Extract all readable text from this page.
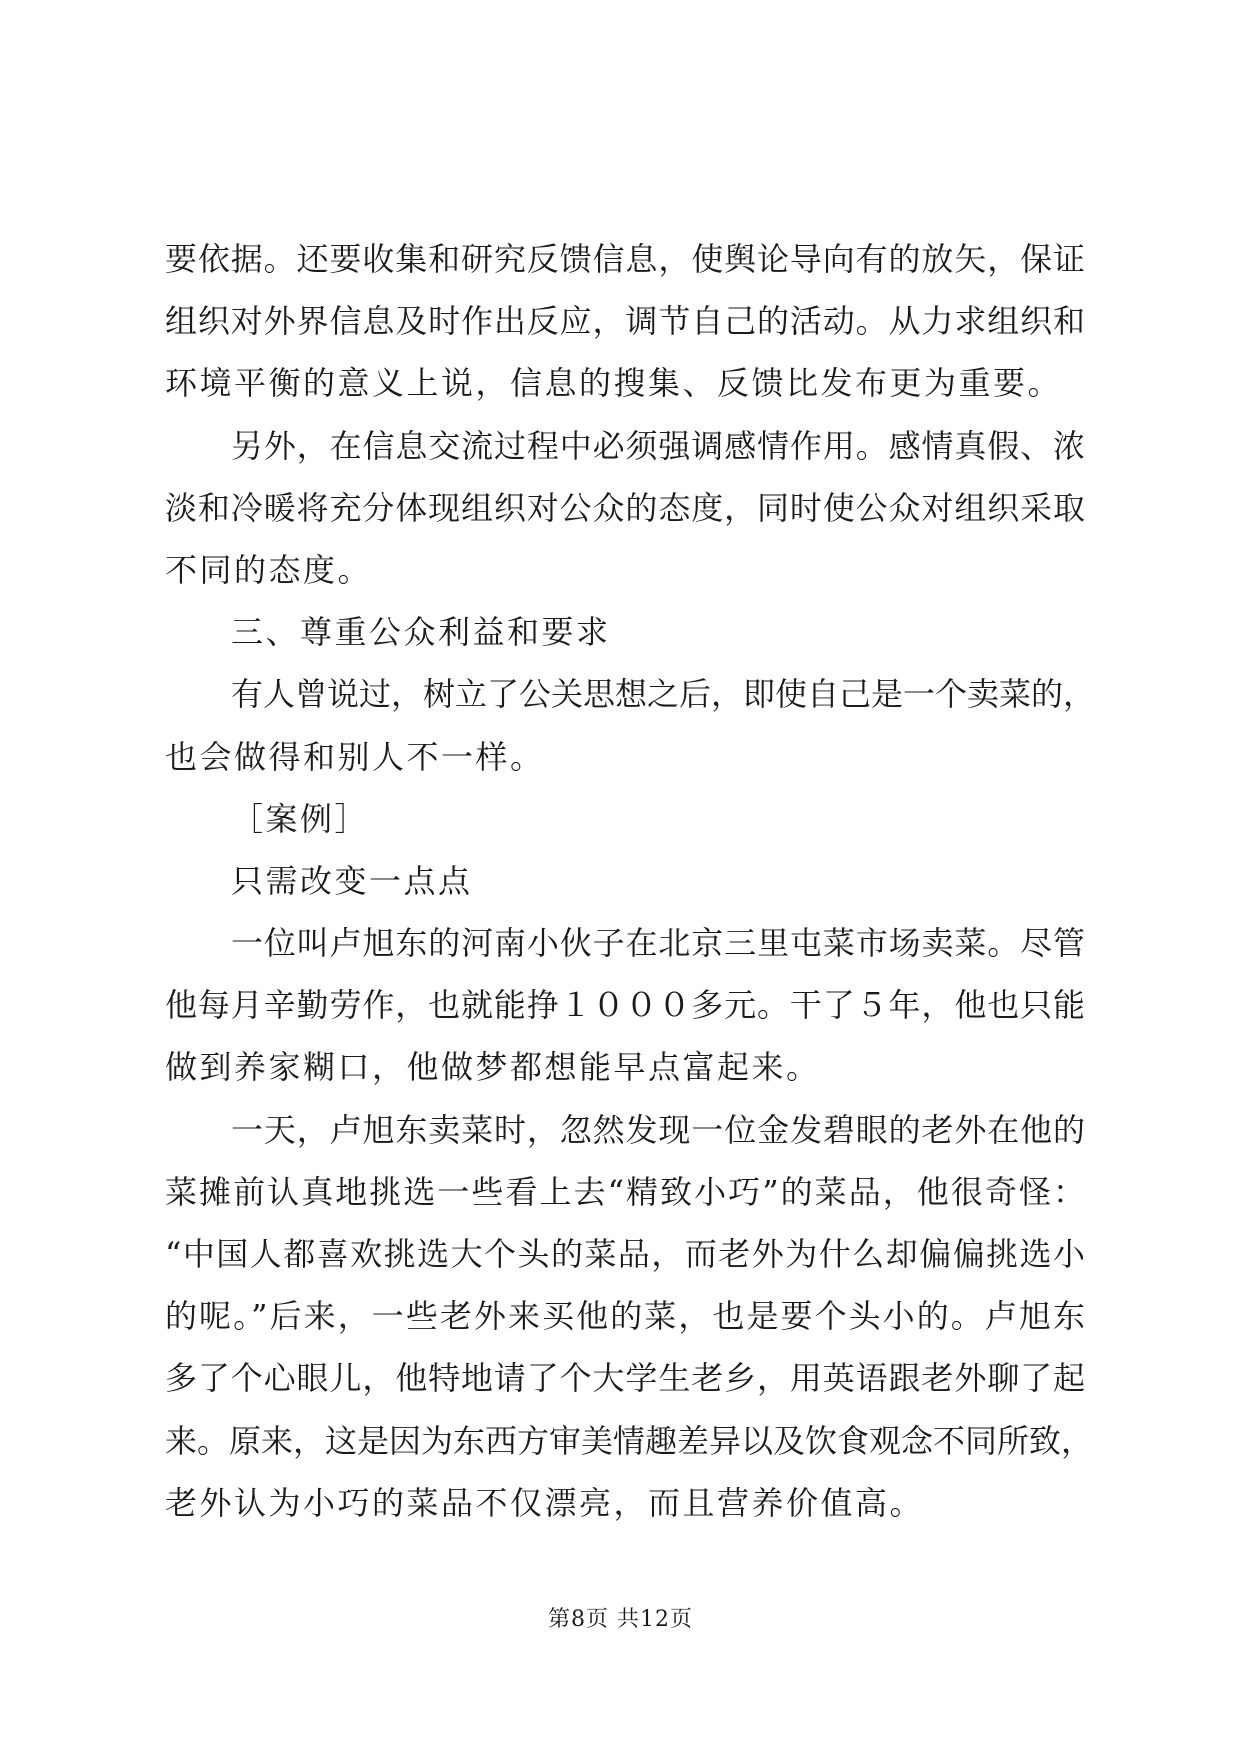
要依据。还要收集和研究反馈信息，使舆论导向有的放矢，保证
组织对外界信息及时作出反应，调节自己的活动。从力求组织和
环境平衡的意义上说，信息的搜集、反馈比发布更为重要。
另外，在信息交流过程中必须强调感情作用。感情真假、浓
淡和冷暖将充分体现组织对公众的态度，同时使公众对组织采取
不同的态度。
三、尊重公众利益和要求
有人曾说过，树立了公关思想之后，即使自己是一个卖菜的，
也会做得和别人不一样。
［案例］
只需改变一点点
一位叫卢旭东的河南小伙子在北京三里屯菜市场卖菜。尽管
他每月辛勤劳作，也就能挣１０００多元。干了５年，他也只能
做到养家糊口，他做梦都想能早点富起来。
一天，卢旭东卖菜时，忽然发现一位金发碧眼的老外在他的
菜摊前认真地挑选一些看上去“精致小巧”的菜品，他很奇怪：
“中国人都喜欢挑选大个头的菜品，而老外为什么却偏偏挑选小
的呢。”后来，一些老外来买他的菜，也是要个头小的。卢旭东
多了个心眼儿，他特地请了个大学生老乡，用英语跟老外聊了起
来。原来，这是因为东西方审美情趣差异以及饮食观念不同所致，
老外认为小巧的菜品不仅漂亮，而且营养价值高。
第8页 共12页
